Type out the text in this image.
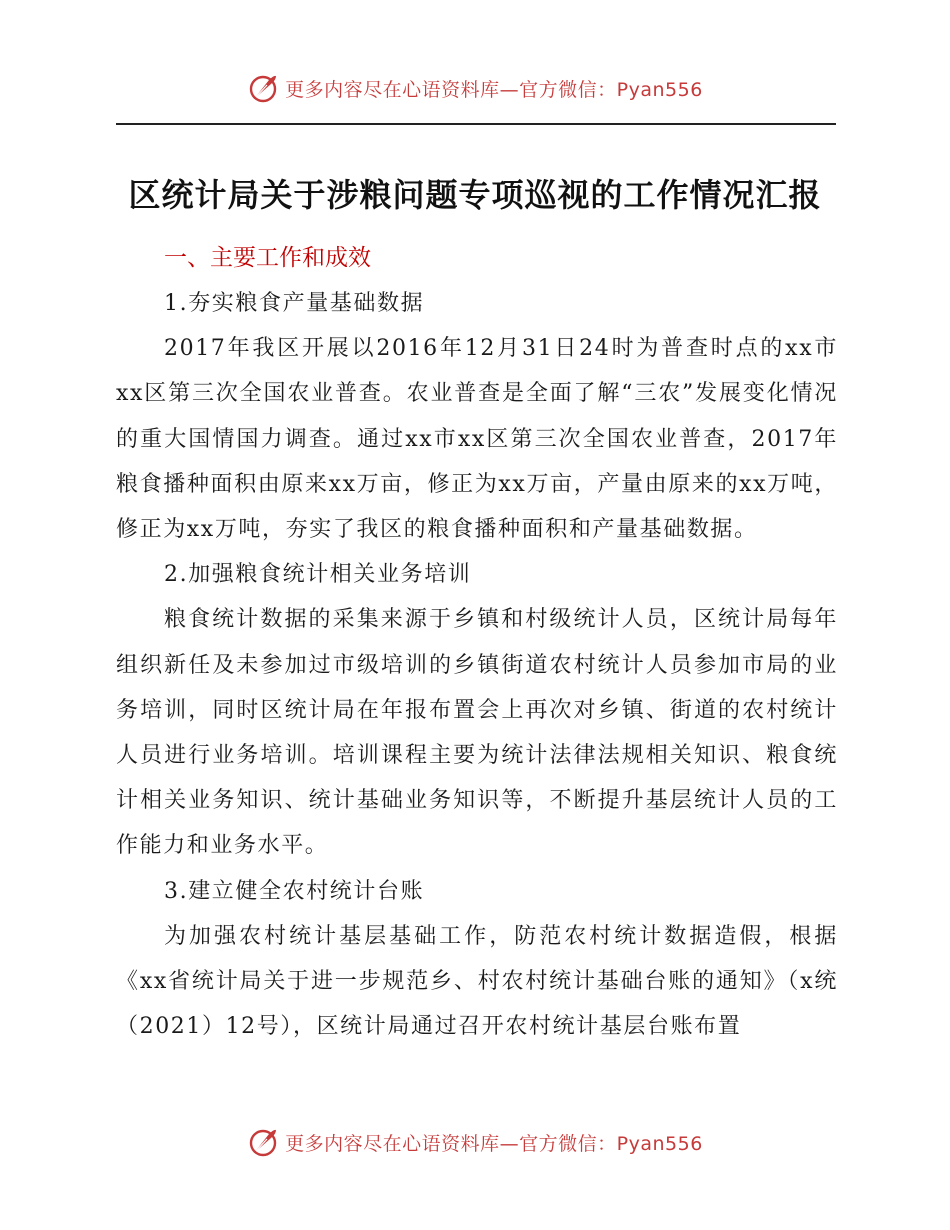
更多内容尽在心语资料库—官方微信：Pyan556
区统计局关于涉粮问题专项巡视的工作情况汇报
一、主要工作和成效

1.夯实粮食产量基础数据

2017年我区开展以2016年12月31日24时为普查时点的xx市xx区第三次全国农业普查。农业普查是全面了解“三农”发展变化情况的重大国情国力调查。通过xx市xx区第三次全国农业普查，2017年粮食播种面积由原来xx万亩，修正为xx万亩，产量由原来的xx万吨，修正为xx万吨，夯实了我区的粮食播种面积和产量基础数据。

2.加强粮食统计相关业务培训

粮食统计数据的采集来源于乡镇和村级统计人员，区统计局每年组织新任及未参加过市级培训的乡镇街道农村统计人员参加市局的业务培训，同时区统计局在年报布置会上再次对乡镇、街道的农村统计人员进行业务培训。培训课程主要为统计法律法规相关知识、粮食统计相关业务知识、统计基础业务知识等，不断提升基层统计人员的工作能力和业务水平。

3.建立健全农村统计台账

为加强农村统计基层基础工作，防范农村统计数据造假，根据《xx省统计局关于进一步规范乡、村农村统计基础台账的通知》（x统（2021）12号），区统计局通过召开农村统计基层台账布置

更多内容尽在心语资料库—官方微信：Pyan556
